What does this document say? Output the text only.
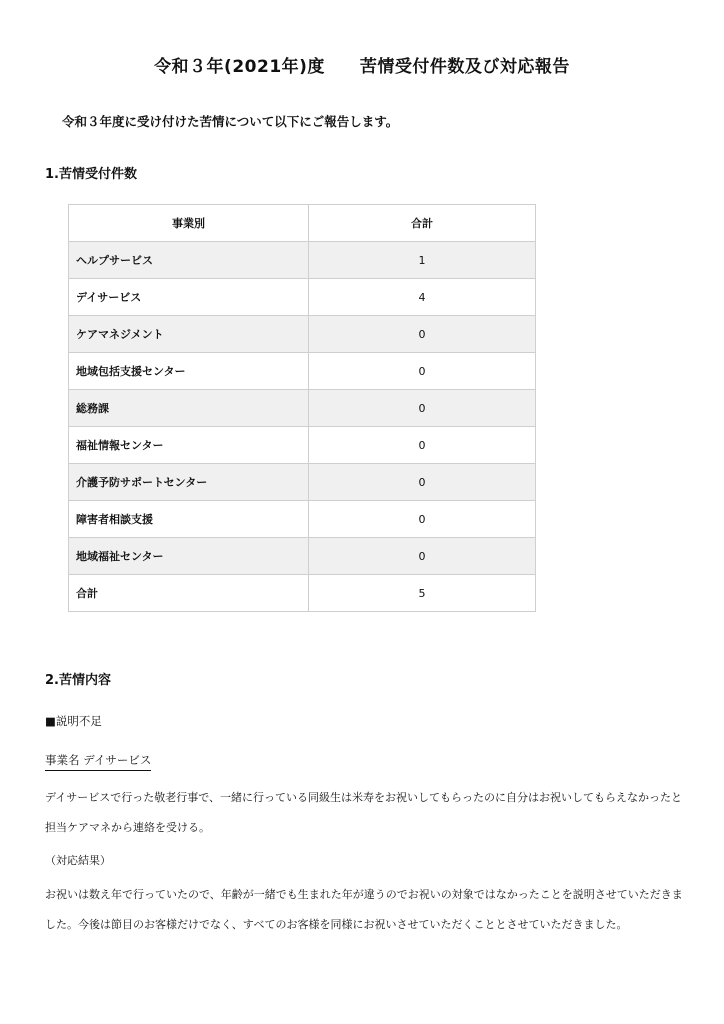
令和３年(2021年)度　　苦情受付件数及び対応報告
令和３年度に受け付けた苦情について以下にご報告します。
1.苦情受付件数
事業別	合計
ヘルプサービス	1
デイサービス	4
ケアマネジメント	0
地域包括支援センター	0
総務課	0
福祉情報センター	0
介護予防サポートセンター	0
障害者相談支援	0
地域福祉センター	0
合計	5
2.苦情内容
■説明不足
事業名 デイサービス
デイサービスで行った敬老行事で、一緒に行っている同級生は米寿をお祝いしてもらったのに自分はお祝いしてもらえなかったと担当ケアマネから連絡を受ける。
（対応結果）
お祝いは数え年で行っていたので、年齢が一緒でも生まれた年が違うのでお祝いの対象ではなかったことを説明させていただきました。今後は節目のお客様だけでなく、すべてのお客様を同様にお祝いさせていただくこととさせていただきました。
